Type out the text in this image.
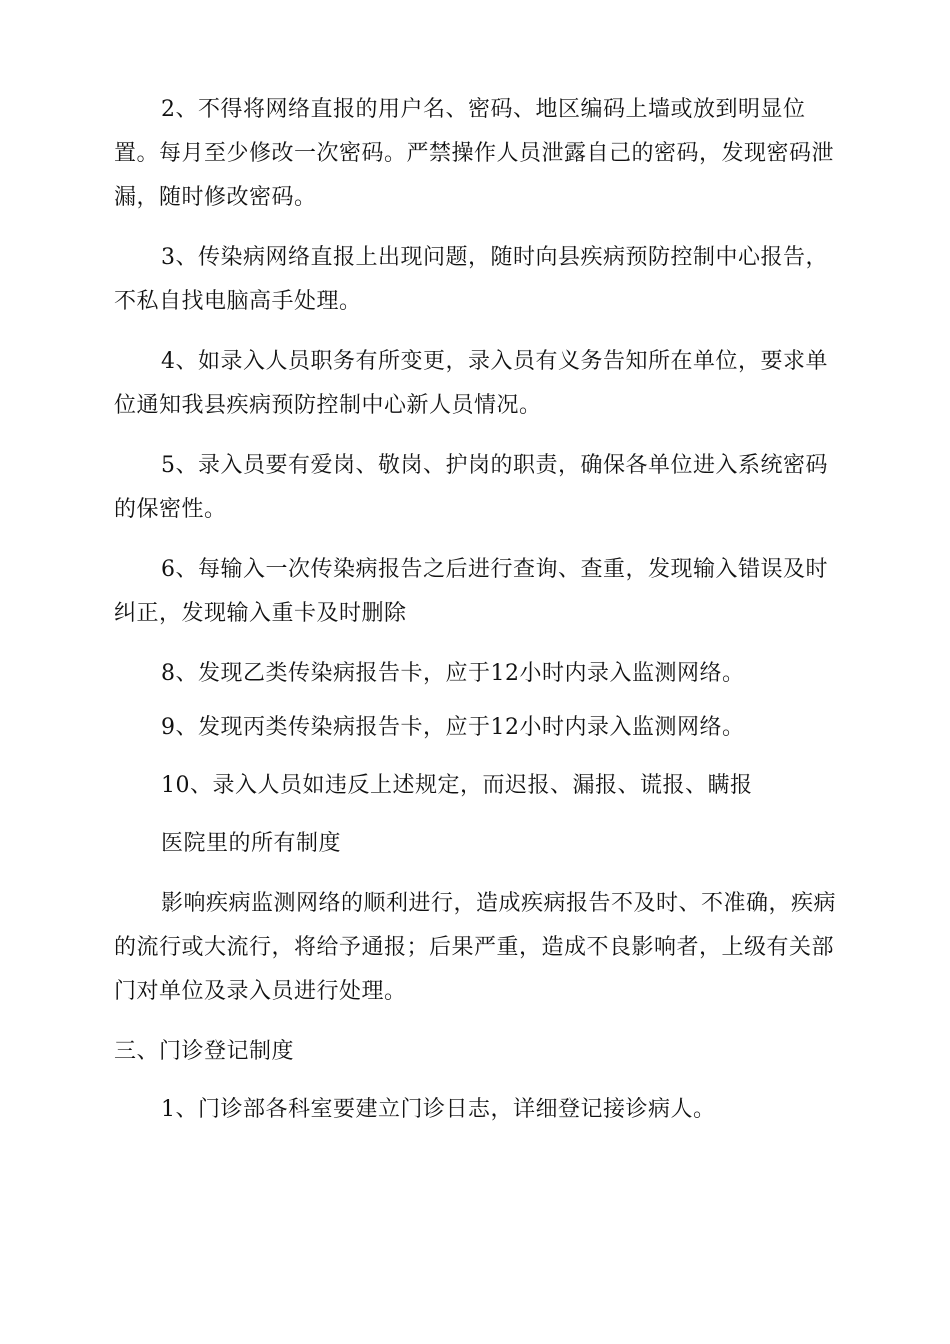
2、不得将网络直报的用户名、密码、地区编码上墙或放到明显位置。每月至少修改一次密码。严禁操作人员泄露自己的密码，发现密码泄漏，随时修改密码。

3、传染病网络直报上出现问题，随时向县疾病预防控制中心报告，不私自找电脑高手处理。

4、如录入人员职务有所变更，录入员有义务告知所在单位，要求单位通知我县疾病预防控制中心新人员情况。

5、录入员要有爱岗、敬岗、护岗的职责，确保各单位进入系统密码的保密性。

6、每输入一次传染病报告之后进行查询、查重，发现输入错误及时纠正，发现输入重卡及时删除

8、发现乙类传染病报告卡，应于12小时内录入监测网络。

9、发现丙类传染病报告卡，应于12小时内录入监测网络。

10、录入人员如违反上述规定，而迟报、漏报、谎报、瞒报

医院里的所有制度

影响疾病监测网络的顺利进行，造成疾病报告不及时、不准确，疾病的流行或大流行，将给予通报；后果严重，造成不良影响者，上级有关部门对单位及录入员进行处理。

三、门诊登记制度

1、门诊部各科室要建立门诊日志，详细登记接诊病人。
